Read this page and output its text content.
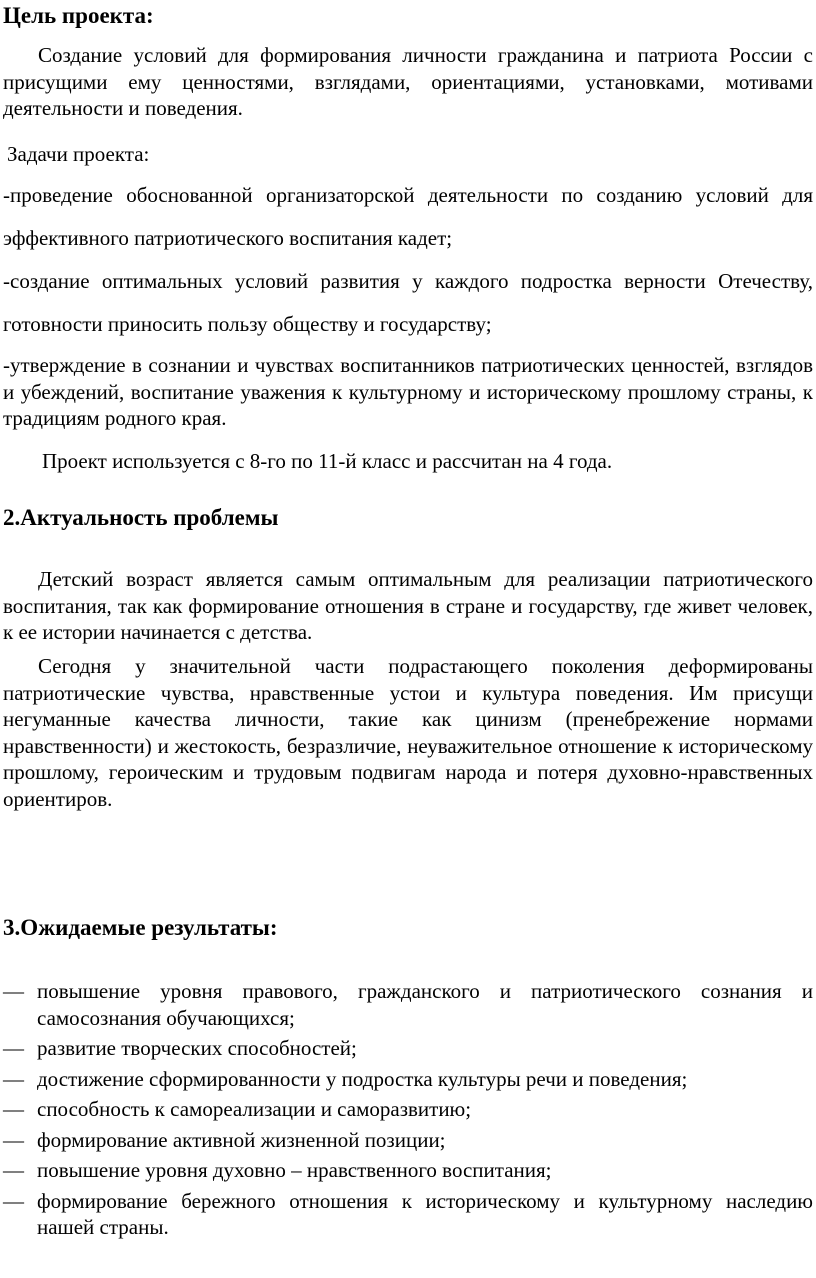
Цель проекта:

Создание условий для формирования личности гражданина и патриота России с присущими ему ценностями, взглядами, ориентациями, установками, мотивами деятельности и поведения.

Задачи проекта:

-проведение обоснованной организаторской деятельности по созданию условий для эффективного патриотического воспитания кадет;

-создание оптимальных условий развития у каждого подростка верности Отечеству, готовности приносить пользу обществу и государству;

-утверждение в сознании и чувствах воспитанников патриотических ценностей, взглядов и убеждений, воспитание уважения к культурному и историческому прошлому страны, к традициям родного края.

Проект используется с 8-го по 11-й класс и рассчитан на 4 года.

2.Актуальность проблемы

Детский возраст является самым оптимальным для реализации патриотического воспитания, так как формирование отношения в стране и государству, где живет человек, к ее истории начинается с детства.

Сегодня у значительной части подрастающего поколения деформированы патриотические чувства, нравственные устои и культура поведения. Им присущи негуманные качества личности, такие как цинизм (пренебрежение нормами нравственности) и жестокость, безразличие, неуважительное отношение к историческому прошлому, героическим и трудовым подвигам народа и потеря духовно-нравственных ориентиров.

3.Ожидаемые результаты:
— повышение уровня правового, гражданского и патриотического сознания и самосознания обучающихся;
— развитие творческих способностей;
— достижение сформированности у подростка культуры речи и поведения;
— способность к самореализации и саморазвитию;
— формирование активной жизненной позиции;
— повышение уровня духовно – нравственного воспитания;
— формирование бережного отношения к историческому и культурному наследию нашей страны.
